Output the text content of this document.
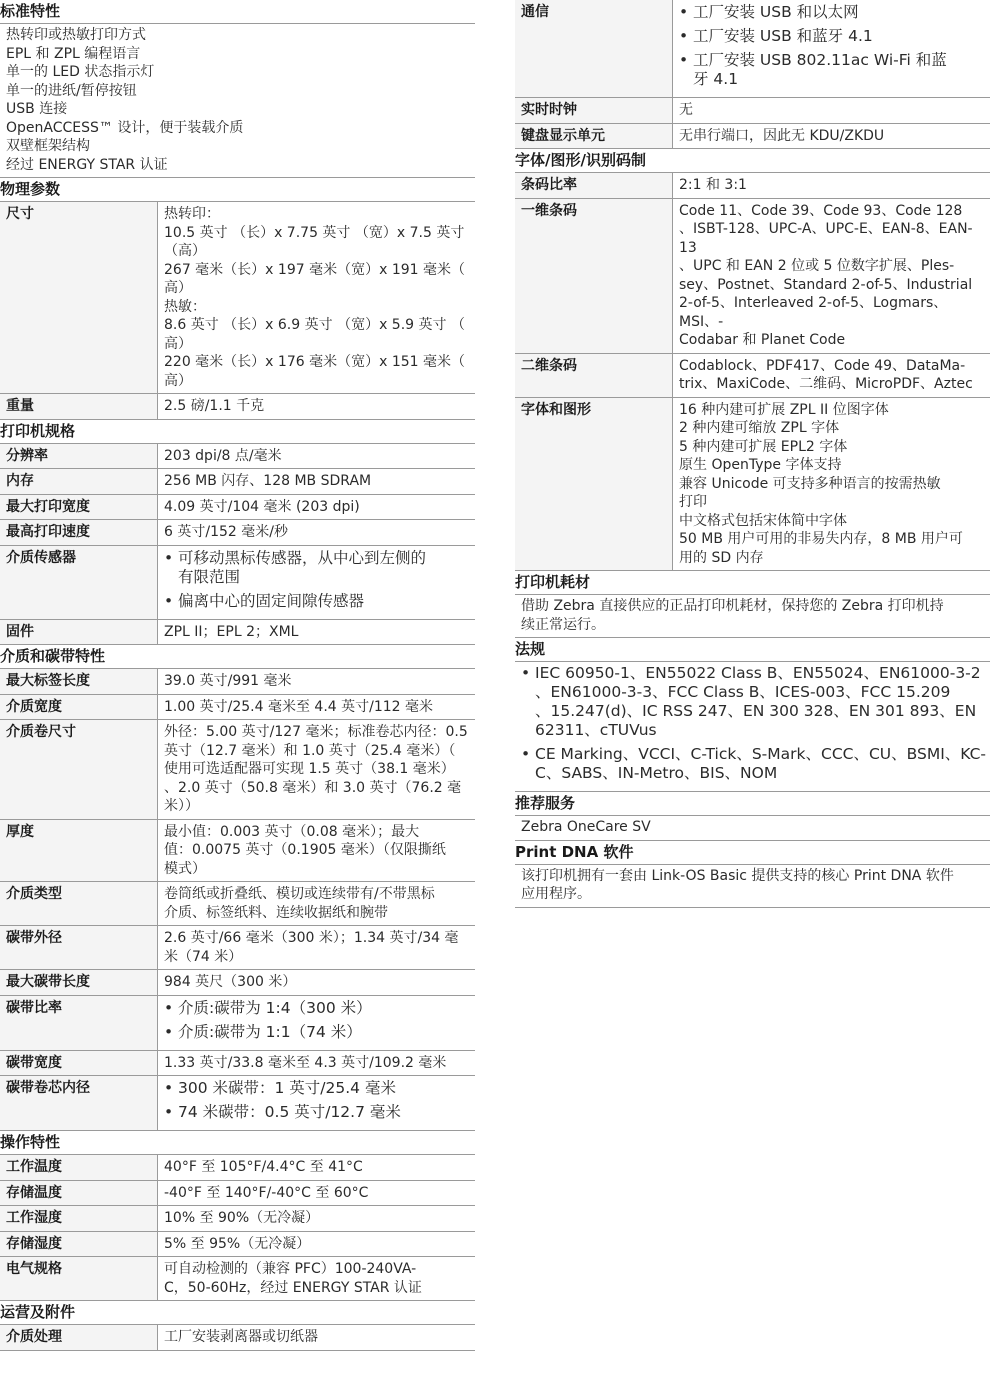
标准特性
热转印或热敏打印方式
EPL 和 ZPL 编程语言
单一的 LED 状态指示灯
单一的进纸/暂停按钮
USB 连接
OpenACCESS™ 设计，便于装载介质
双壁框架结构
经过 ENERGY STAR 认证
物理参数
尺寸	热转印：
10.5 英寸 （长）x 7.75 英寸 （宽）x 7.5 英寸
（高）
267 毫米（长）x 197 毫米（宽）x 191 毫米（
高）
热敏：
8.6 英寸 （长）x 6.9 英寸 （宽）x 5.9 英寸 （
高）
220 毫米（长）x 176 毫米（宽）x 151 毫米（
高）
重量	2.5 磅/1.1 千克
打印机规格
分辨率	203 dpi/8 点/毫米
内存	256 MB 闪存、128 MB SDRAM
最大打印宽度	4.09 英寸/104 毫米 (203 dpi)
最高打印速度	6 英寸/152 毫米/秒
介质传感器	• 可移动黑标传感器，从中心到左侧的
有限范围
• 偏离中心的固定间隙传感器
固件	ZPL II；EPL 2；XML
介质和碳带特性
最大标签长度	39.0 英寸/991 毫米
介质宽度	1.00 英寸/25.4 毫米至 4.4 英寸/112 毫米
介质卷尺寸	外径：5.00 英寸/127 毫米；标准卷芯内径：0.5
英寸（12.7 毫米）和 1.0 英寸（25.4 毫米）（
使用可选适配器可实现 1.5 英寸（38.1 毫米）
、2.0 英寸（50.8 毫米）和 3.0 英寸（76.2 毫
米））
厚度	最小值：0.003 英寸（0.08 毫米）；最大
值：0.0075 英寸（0.1905 毫米）（仅限撕纸
模式）
介质类型	卷筒纸或折叠纸、模切或连续带有/不带黑标
介质、标签纸料、连续收据纸和腕带
碳带外径	2.6 英寸/66 毫米（300 米）；1.34 英寸/34 毫
米（74 米）
最大碳带长度	984 英尺（300 米）
碳带比率	• 介质:碳带为 1:4（300 米）
• 介质:碳带为 1:1（74 米）
碳带宽度	1.33 英寸/33.8 毫米至 4.3 英寸/109.2 毫米
碳带卷芯内径	• 300 米碳带：1 英寸/25.4 毫米
• 74 米碳带：0.5 英寸/12.7 毫米
操作特性
工作温度	40°F 至 105°F/4.4°C 至 41°C
存储温度	-40°F 至 140°F/-40°C 至 60°C
工作湿度	10% 至 90%（无冷凝）
存储湿度	5% 至 95%（无冷凝）
电气规格	可自动检测的（兼容 PFC）100-240VA-
C，50-60Hz，经过 ENERGY STAR 认证
运营及附件
介质处理	工厂安装剥离器或切纸器
通信	• 工厂安装 USB 和以太网
• 工厂安装 USB 和蓝牙 4.1
• 工厂安装 USB 802.11ac Wi-Fi 和蓝
牙 4.1
实时时钟	无
键盘显示单元	无串行端口，因此无 KDU/ZKDU
字体/图形/识别码制
条码比率	2:1 和 3:1
一维条码	Code 11、Code 39、Code 93、Code 128
、ISBT-128、UPC-A、UPC-E、EAN-8、EAN-13
、UPC 和 EAN 2 位或 5 位数字扩展、Ples-
sey、Postnet、Standard 2-of-5、Industrial
2-of-5、Interleaved 2-of-5、Logmars、MSI、-
Codabar 和 Planet Code
二维条码	Codablock、PDF417、Code 49、DataMa-
trix、MaxiCode、二维码、MicroPDF、Aztec
字体和图形	16 种内建可扩展 ZPL II 位图字体
2 种内建可缩放 ZPL 字体
5 种内建可扩展 EPL2 字体
原生 OpenType 字体支持
兼容 Unicode 可支持多种语言的按需热敏
打印
中文格式包括宋体简中字体
50 MB 用户可用的非易失内存，8 MB 用户可
用的 SD 内存
打印机耗材
借助 Zebra 直接供应的正品打印机耗材，保持您的 Zebra 打印机持
续正常运行。
法规
• IEC 60950-1、EN55022 Class B、EN55024、EN61000-3-2
、EN61000-3-3、FCC Class B、ICES-003、FCC 15.209
、15.247(d)、IC RSS 247、EN 300 328、EN 301 893、EN
62311、cTUVus
• CE Marking、VCCI、C-Tick、S-Mark、CCC、CU、BSMI、KC-
C、SABS、IN-Metro、BIS、NOM
推荐服务
Zebra OneCare SV
Print DNA 软件
该打印机拥有一套由 Link-OS Basic 提供支持的核心 Print DNA 软件
应用程序。
